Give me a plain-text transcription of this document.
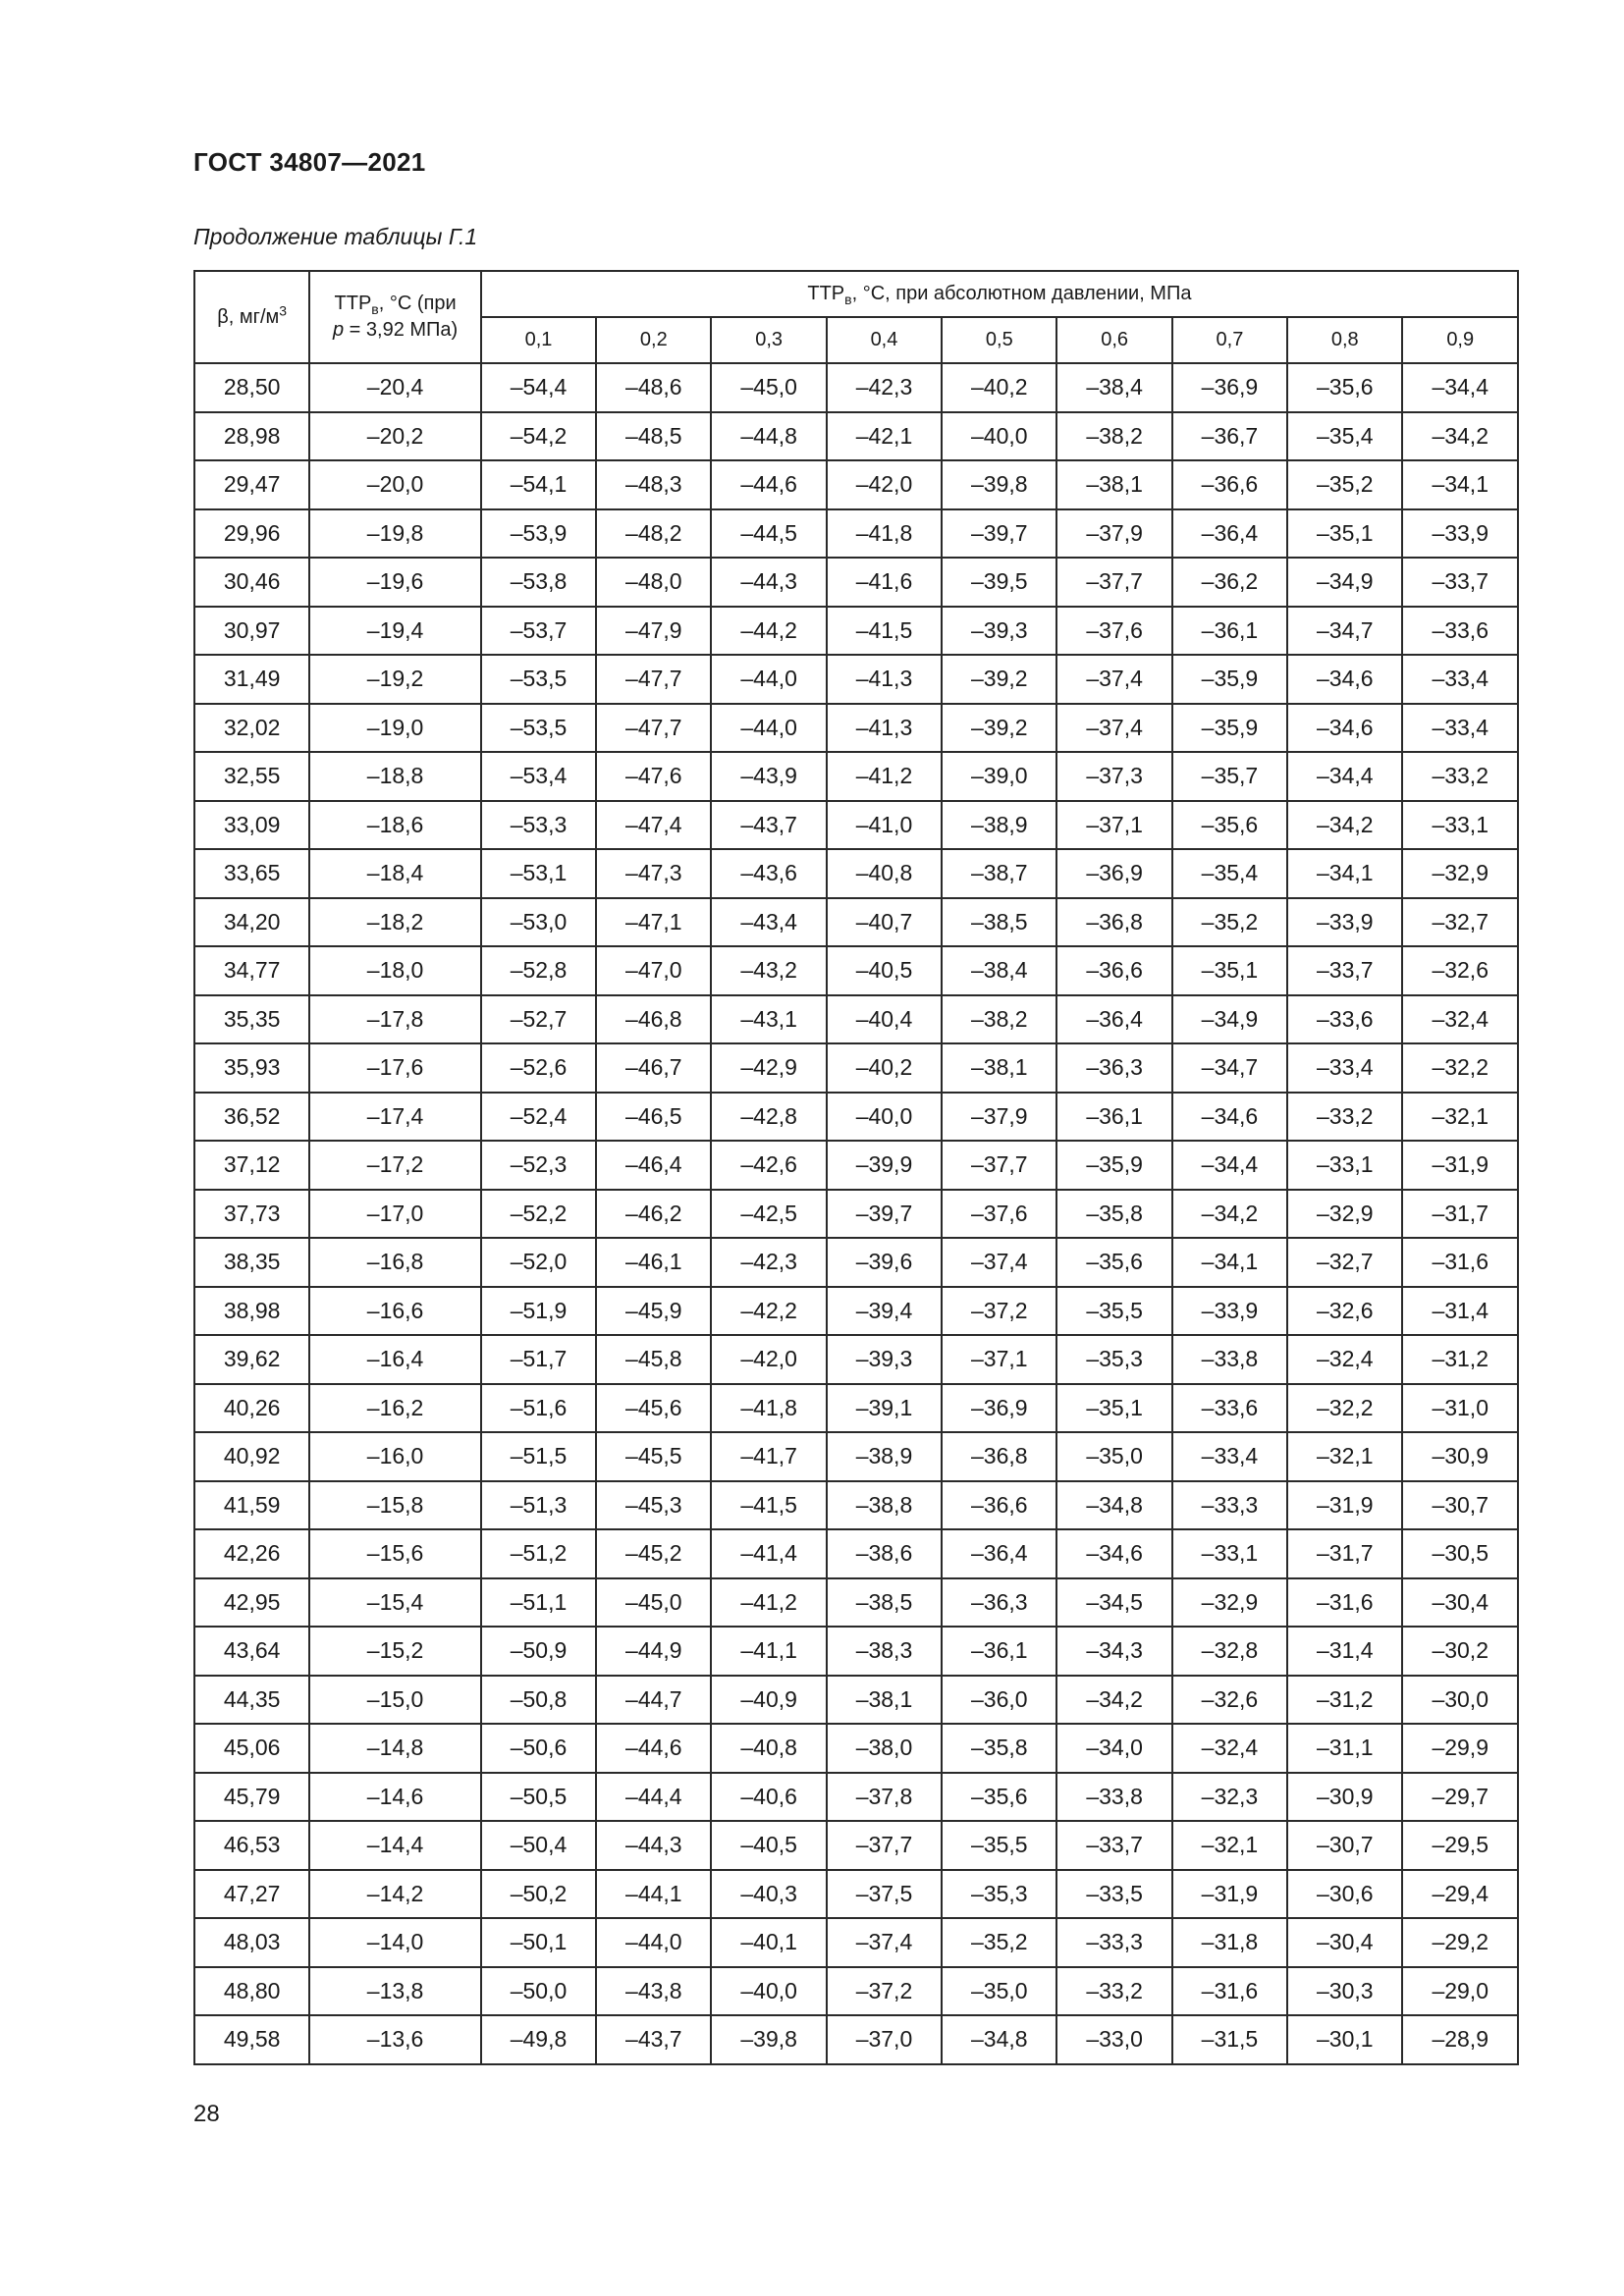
ГОСТ 34807—2021
Продолжение таблицы Г.1
β, $мг/м^3$	$ТТР_в$, °С (при
р = 3,92 МПа)	$ТТР_в$, °С, при абсолютном давлении, МПа								
		0,1	0,2	0,3	0,4	0,5	0,6	0,7	0,8	0,9
28,50	–20,4	–54,4	–48,6	–45,0	–42,3	–40,2	–38,4	–36,9	–35,6	–34,4
28,98	–20,2	–54,2	–48,5	–44,8	–42,1	–40,0	–38,2	–36,7	–35,4	–34,2
29,47	–20,0	–54,1	–48,3	–44,6	–42,0	–39,8	–38,1	–36,6	–35,2	–34,1
29,96	–19,8	–53,9	–48,2	–44,5	–41,8	–39,7	–37,9	–36,4	–35,1	–33,9
30,46	–19,6	–53,8	–48,0	–44,3	–41,6	–39,5	–37,7	–36,2	–34,9	–33,7
30,97	–19,4	–53,7	–47,9	–44,2	–41,5	–39,3	–37,6	–36,1	–34,7	–33,6
31,49	–19,2	–53,5	–47,7	–44,0	–41,3	–39,2	–37,4	–35,9	–34,6	–33,4
32,02	–19,0	–53,5	–47,7	–44,0	–41,3	–39,2	–37,4	–35,9	–34,6	–33,4
32,55	–18,8	–53,4	–47,6	–43,9	–41,2	–39,0	–37,3	–35,7	–34,4	–33,2
33,09	–18,6	–53,3	–47,4	–43,7	–41,0	–38,9	–37,1	–35,6	–34,2	–33,1
33,65	–18,4	–53,1	–47,3	–43,6	–40,8	–38,7	–36,9	–35,4	–34,1	–32,9
34,20	–18,2	–53,0	–47,1	–43,4	–40,7	–38,5	–36,8	–35,2	–33,9	–32,7
34,77	–18,0	–52,8	–47,0	–43,2	–40,5	–38,4	–36,6	–35,1	–33,7	–32,6
35,35	–17,8	–52,7	–46,8	–43,1	–40,4	–38,2	–36,4	–34,9	–33,6	–32,4
35,93	–17,6	–52,6	–46,7	–42,9	–40,2	–38,1	–36,3	–34,7	–33,4	–32,2
36,52	–17,4	–52,4	–46,5	–42,8	–40,0	–37,9	–36,1	–34,6	–33,2	–32,1
37,12	–17,2	–52,3	–46,4	–42,6	–39,9	–37,7	–35,9	–34,4	–33,1	–31,9
37,73	–17,0	–52,2	–46,2	–42,5	–39,7	–37,6	–35,8	–34,2	–32,9	–31,7
38,35	–16,8	–52,0	–46,1	–42,3	–39,6	–37,4	–35,6	–34,1	–32,7	–31,6
38,98	–16,6	–51,9	–45,9	–42,2	–39,4	–37,2	–35,5	–33,9	–32,6	–31,4
39,62	–16,4	–51,7	–45,8	–42,0	–39,3	–37,1	–35,3	–33,8	–32,4	–31,2
40,26	–16,2	–51,6	–45,6	–41,8	–39,1	–36,9	–35,1	–33,6	–32,2	–31,0
40,92	–16,0	–51,5	–45,5	–41,7	–38,9	–36,8	–35,0	–33,4	–32,1	–30,9
41,59	–15,8	–51,3	–45,3	–41,5	–38,8	–36,6	–34,8	–33,3	–31,9	–30,7
42,26	–15,6	–51,2	–45,2	–41,4	–38,6	–36,4	–34,6	–33,1	–31,7	–30,5
42,95	–15,4	–51,1	–45,0	–41,2	–38,5	–36,3	–34,5	–32,9	–31,6	–30,4
43,64	–15,2	–50,9	–44,9	–41,1	–38,3	–36,1	–34,3	–32,8	–31,4	–30,2
44,35	–15,0	–50,8	–44,7	–40,9	–38,1	–36,0	–34,2	–32,6	–31,2	–30,0
45,06	–14,8	–50,6	–44,6	–40,8	–38,0	–35,8	–34,0	–32,4	–31,1	–29,9
45,79	–14,6	–50,5	–44,4	–40,6	–37,8	–35,6	–33,8	–32,3	–30,9	–29,7
46,53	–14,4	–50,4	–44,3	–40,5	–37,7	–35,5	–33,7	–32,1	–30,7	–29,5
47,27	–14,2	–50,2	–44,1	–40,3	–37,5	–35,3	–33,5	–31,9	–30,6	–29,4
48,03	–14,0	–50,1	–44,0	–40,1	–37,4	–35,2	–33,3	–31,8	–30,4	–29,2
48,80	–13,8	–50,0	–43,8	–40,0	–37,2	–35,0	–33,2	–31,6	–30,3	–29,0
49,58	–13,6	–49,8	–43,7	–39,8	–37,0	–34,8	–33,0	–31,5	–30,1	–28,9
28
